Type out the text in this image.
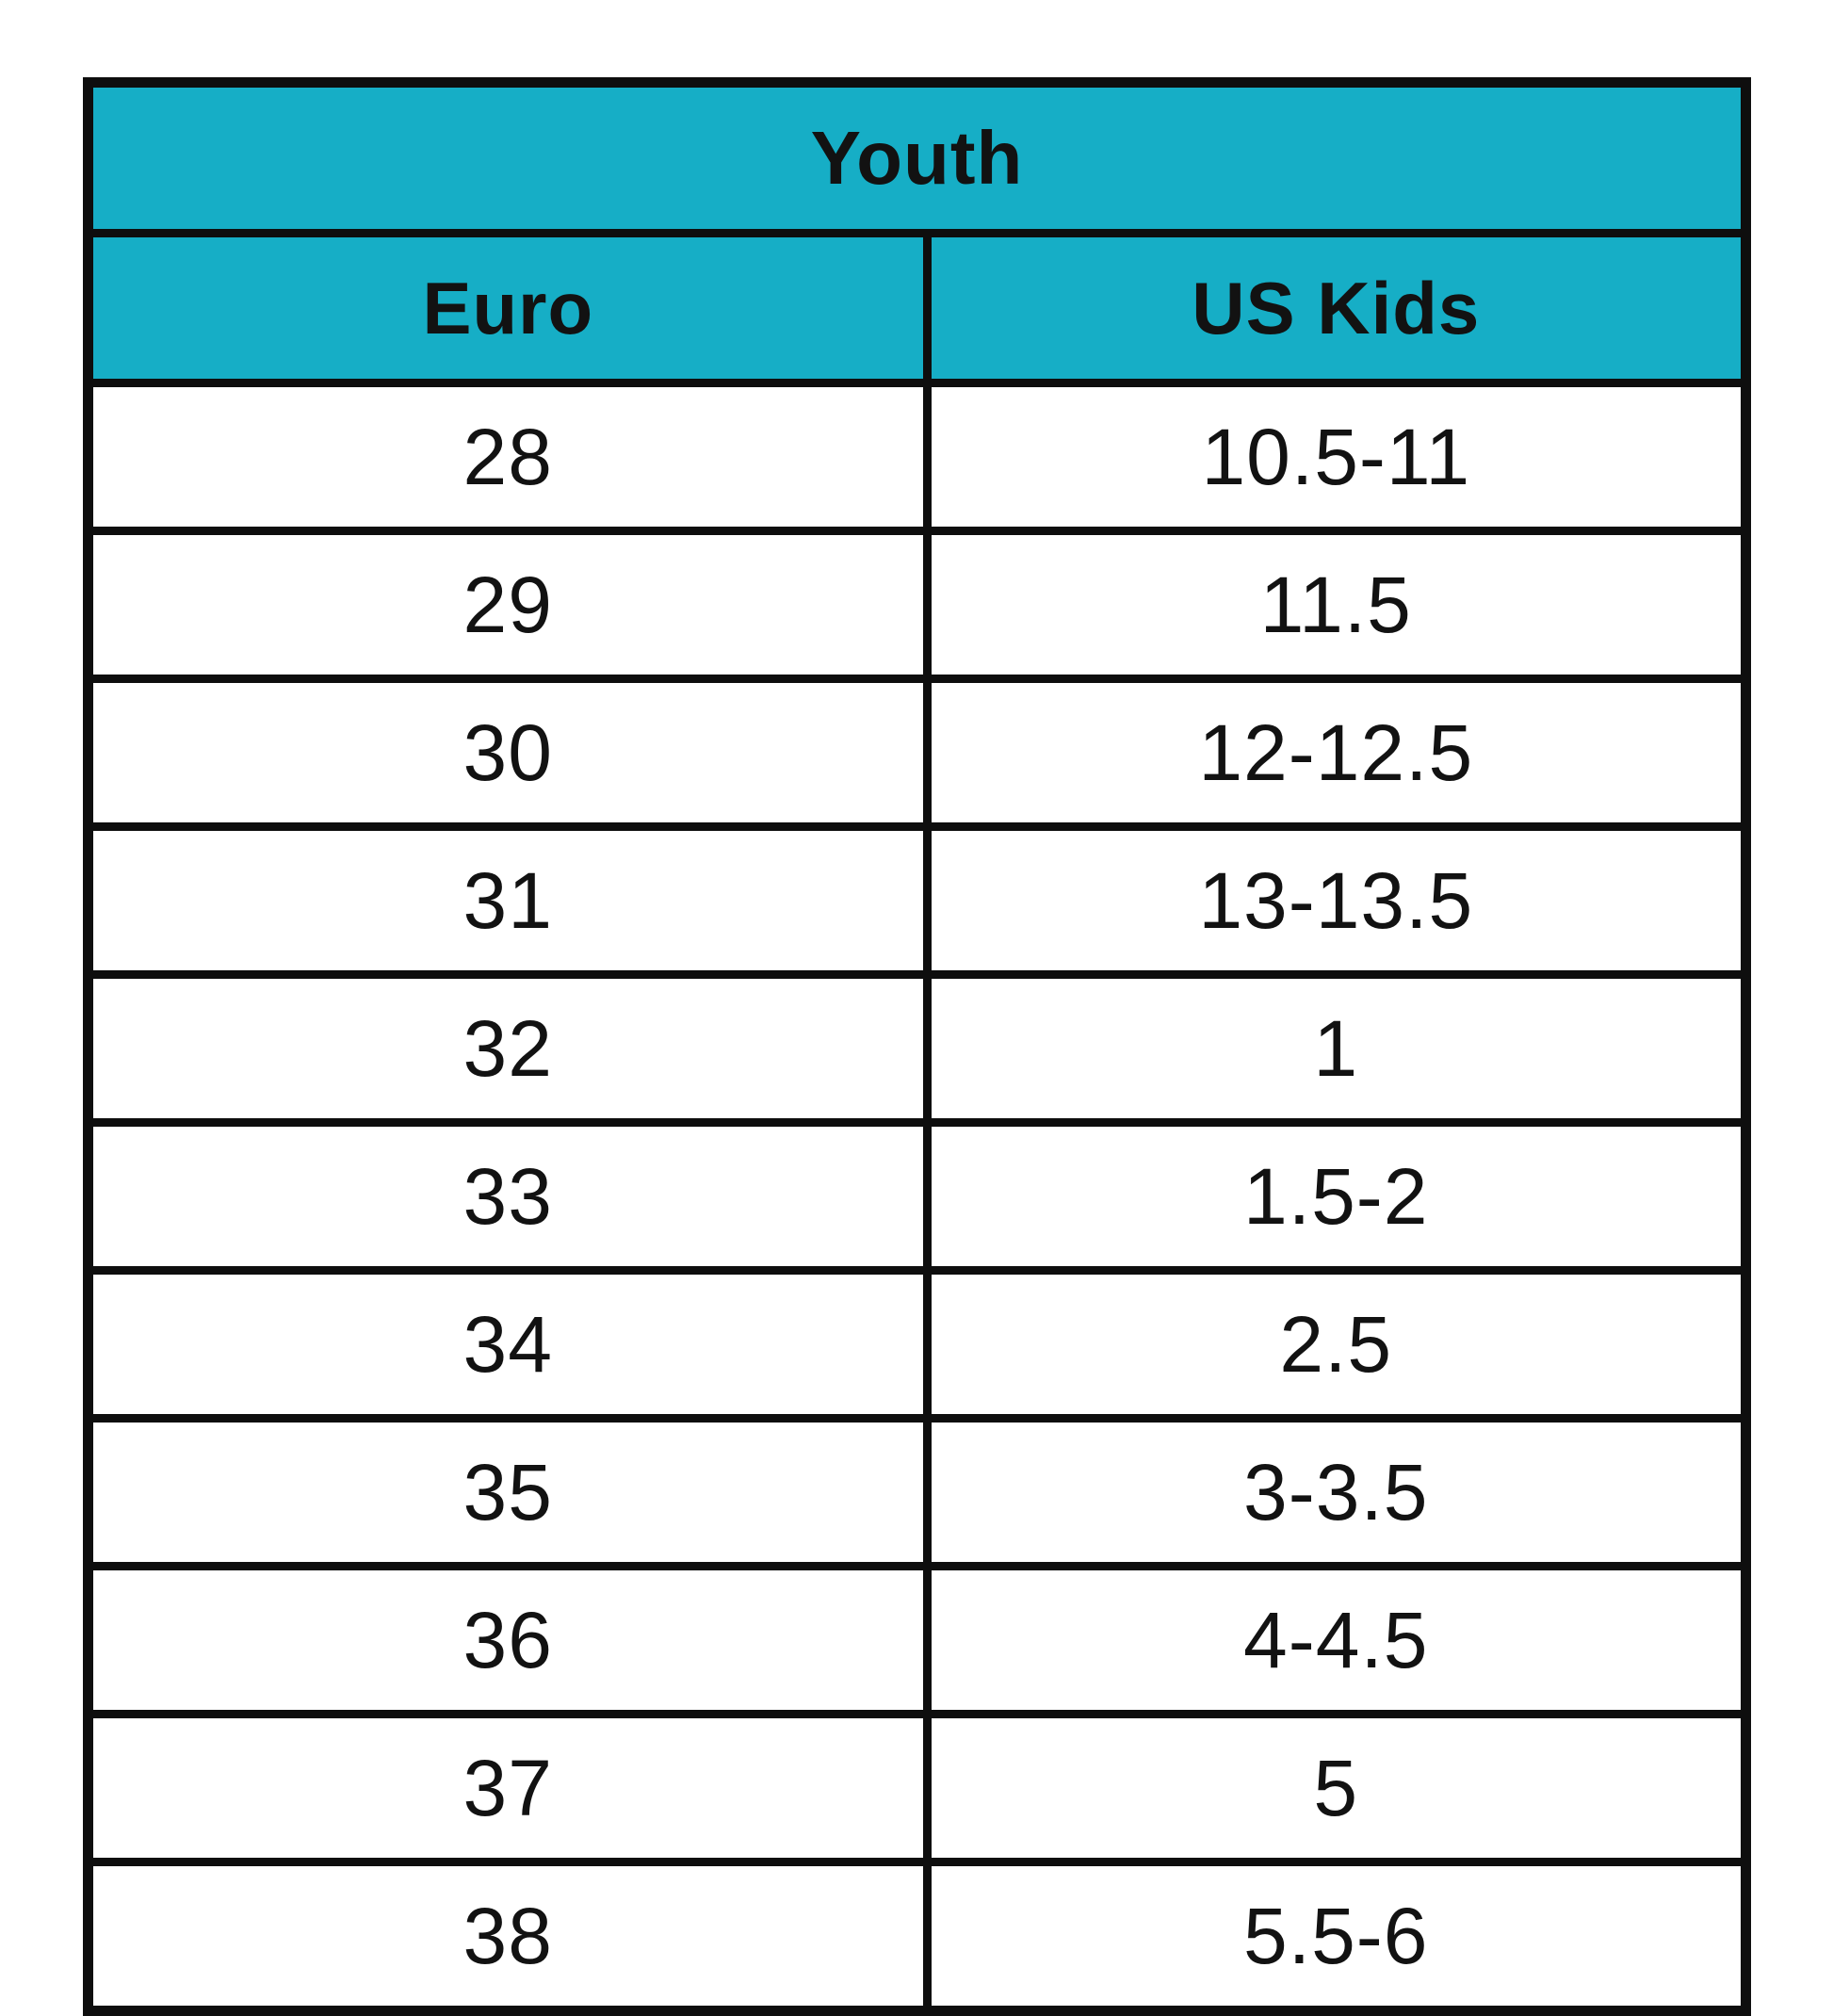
Youth	
Euro	US Kids
28	10.5-11
29	11.5
30	12-12.5
31	13-13.5
32	1
33	1.5-2
34	2.5
35	3-3.5
36	4-4.5
37	5
38	5.5-6
